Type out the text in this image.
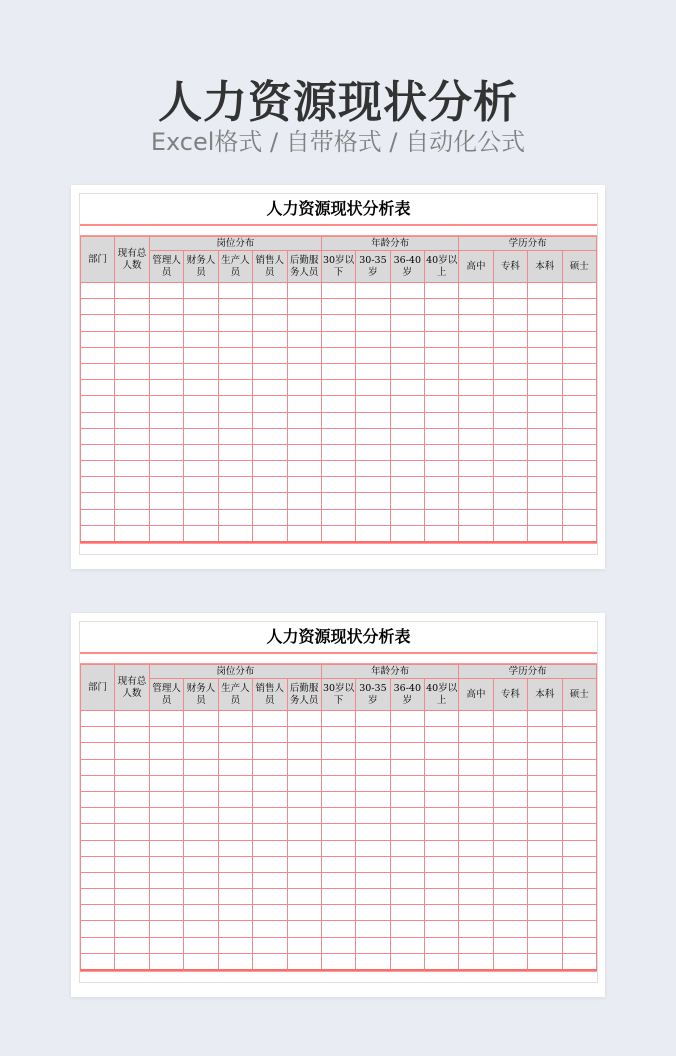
人力资源现状分析
Excel格式 / 自带格式 / 自动化公式
人力资源现状分析表
部门	现有总人数	岗位分布					年龄分布				学历分布			
		管理人员	财务人员	生产人员	销售人员	后勤服务人员	30岁以下	30-35岁	36-40岁	40岁以上	高中	专科	本科	硕士

人力资源现状分析表
部门	现有总人数	岗位分布					年龄分布				学历分布			
		管理人员	财务人员	生产人员	销售人员	后勤服务人员	30岁以下	30-35岁	36-40岁	40岁以上	高中	专科	本科	硕士
